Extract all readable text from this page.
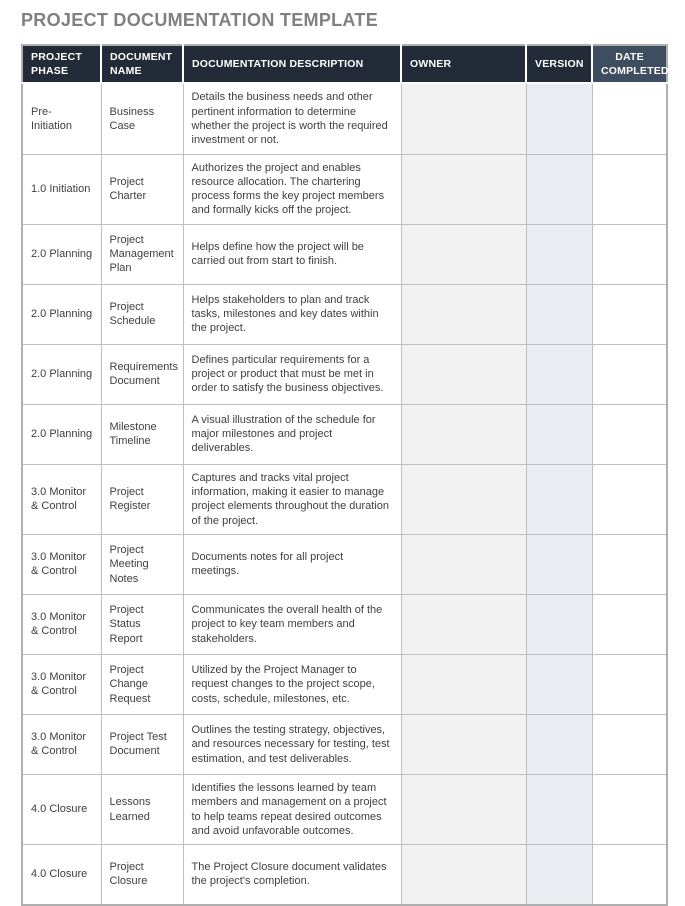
PROJECT DOCUMENTATION TEMPLATE
PROJECT PHASE	DOCUMENT NAME	DOCUMENTATION DESCRIPTION	OWNER	VERSION	DATE COMPLETED
Pre-Initiation	Business Case	Details the business needs and other pertinent information to determine whether the project is worth the required investment or not.			
1.0 Initiation	Project Charter	Authorizes the project and enables resource allocation. The chartering process forms the key project members and formally kicks off the project.			
2.0 Planning	Project Management Plan	Helps define how the project will be carried out from start to finish.			
2.0 Planning	Project Schedule	Helps stakeholders to plan and track tasks, milestones and key dates within the project.			
2.0 Planning	Requirements Document	Defines particular requirements for a project or product that must be met in order to satisfy the business objectives.			
2.0 Planning	Milestone Timeline	A visual illustration of the schedule for major milestones and project deliverables.			
3.0 Monitor & Control	Project Register	Captures and tracks vital project information, making it easier to manage project elements throughout the duration of the project.			
3.0 Monitor & Control	Project Meeting Notes	Documents notes for all project meetings.			
3.0 Monitor & Control	Project Status Report	Communicates the overall health of the project to key team members and stakeholders.			
3.0 Monitor & Control	Project Change Request	Utilized by the Project Manager to request changes to the project scope, costs, schedule, milestones, etc.			
3.0 Monitor & Control	Project Test Document	Outlines the testing strategy, objectives, and resources necessary for testing, test estimation, and test deliverables.			
4.0 Closure	Lessons Learned	Identifies the lessons learned by team members and management on a project to help teams repeat desired outcomes and avoid unfavorable outcomes.			
4.0 Closure	Project Closure	The Project Closure document validates the project's completion.			
